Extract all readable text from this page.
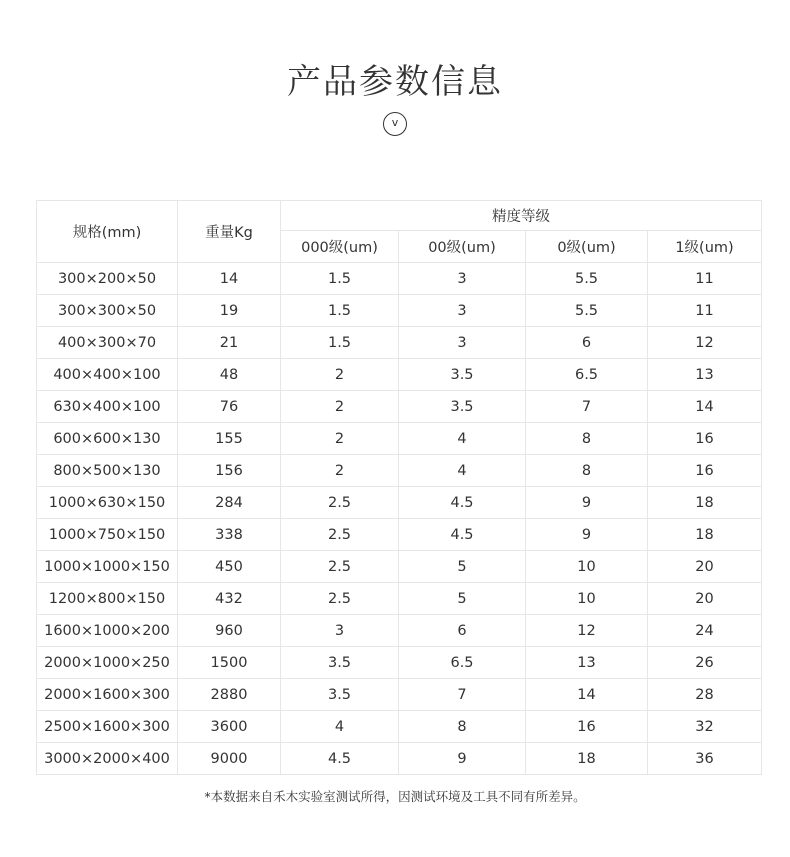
产品参数信息
v
规格(mm)	重量Kg	精度等级			
		000级(um)	00级(um)	0级(um)	1级(um)
300×200×50	14	1.5	3	5.5	11
300×300×50	19	1.5	3	5.5	11
400×300×70	21	1.5	3	6	12
400×400×100	48	2	3.5	6.5	13
630×400×100	76	2	3.5	7	14
600×600×130	155	2	4	8	16
800×500×130	156	2	4	8	16
1000×630×150	284	2.5	4.5	9	18
1000×750×150	338	2.5	4.5	9	18
1000×1000×150	450	2.5	5	10	20
1200×800×150	432	2.5	5	10	20
1600×1000×200	960	3	6	12	24
2000×1000×250	1500	3.5	6.5	13	26
2000×1600×300	2880	3.5	7	14	28
2500×1600×300	3600	4	8	16	32
3000×2000×400	9000	4.5	9	18	36
*本数据来自禾木实验室测试所得，因测试环境及工具不同有所差异。
